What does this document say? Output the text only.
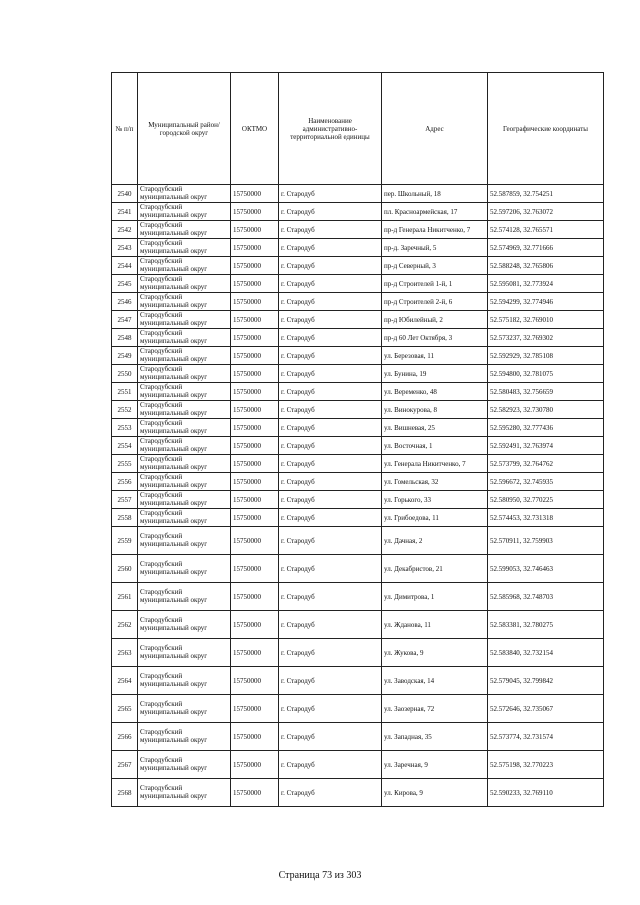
№ п/п	Муниципальный район/городской округ	ОКТМО	Наименование административно-территориальной единицы	Адрес	Географические координаты
2540	Стародубский муниципальный округ	15750000	г. Стародуб	пер. Школьный, 18	52.587859, 32.754251
2541	Стародубский муниципальный округ	15750000	г. Стародуб	пл. Красноармейская, 17	52.597206, 32.763072
2542	Стародубский муниципальный округ	15750000	г. Стародуб	пр-д Генерала Никитченко, 7	52.574128, 32.765571
2543	Стародубский муниципальный округ	15750000	г. Стародуб	пр-д. Заречный, 5	52.574969, 32.771666
2544	Стародубский муниципальный округ	15750000	г. Стародуб	пр-д Северный, 3	52.588248, 32.765806
2545	Стародубский муниципальный округ	15750000	г. Стародуб	пр-д Строителей 1-й, 1	52.595081, 32.773924
2546	Стародубский муниципальный округ	15750000	г. Стародуб	пр-д Строителей 2-й, 6	52.594299, 32.774946
2547	Стародубский муниципальный округ	15750000	г. Стародуб	пр-д Юбилейный, 2	52.575182, 32.769010
2548	Стародубский муниципальный округ	15750000	г. Стародуб	пр-д 60 Лет Октября, 3	52.573237, 32.769302
2549	Стародубский муниципальный округ	15750000	г. Стародуб	ул. Березовая, 11	52.592929, 32.785108
2550	Стародубский муниципальный округ	15750000	г. Стародуб	ул. Бунина, 19	52.594800, 32.781075
2551	Стародубский муниципальный округ	15750000	г. Стародуб	ул. Веременко, 48	52.580483, 32.756659
2552	Стародубский муниципальный округ	15750000	г. Стародуб	ул. Винокурова, 8	52.582923, 32.730780
2553	Стародубский муниципальный округ	15750000	г. Стародуб	ул. Вишневая, 25	52.595280, 32.777436
2554	Стародубский муниципальный округ	15750000	г. Стародуб	ул. Восточная, 1	52.592491, 32.763974
2555	Стародубский муниципальный округ	15750000	г. Стародуб	ул. Генерала Никитченко, 7	52.573799, 32.764762
2556	Стародубский муниципальный округ	15750000	г. Стародуб	ул. Гомельская, 32	52.596672, 32.745935
2557	Стародубский муниципальный округ	15750000	г. Стародуб	ул. Горького, 33	52.580950, 32.770225
2558	Стародубский муниципальный округ	15750000	г. Стародуб	ул. Грибоедова, 11	52.574453, 32.731318
2559	Стародубский муниципальный округ	15750000	г. Стародуб	ул. Дачная, 2	52.570911, 32.759903
2560	Стародубский муниципальный округ	15750000	г. Стародуб	ул. Декабристов, 21	52.599053, 32.746463
2561	Стародубский муниципальный округ	15750000	г. Стародуб	ул. Димитрова, 1	52.585968, 32.748703
2562	Стародубский муниципальный округ	15750000	г. Стародуб	ул. Жданова, 11	52.583381, 32.780275
2563	Стародубский муниципальный округ	15750000	г. Стародуб	ул. Жукова, 9	52.583840, 32.732154
2564	Стародубский муниципальный округ	15750000	г. Стародуб	ул. Заводская, 14	52.579045, 32.799842
2565	Стародубский муниципальный округ	15750000	г. Стародуб	ул. Заозерная, 72	52.572646, 32.735067
2566	Стародубский муниципальный округ	15750000	г. Стародуб	ул. Западная, 35	52.573774, 32.731574
2567	Стародубский муниципальный округ	15750000	г. Стародуб	ул. Заречная, 9	52.575198, 32.770223
2568	Стародубский муниципальный округ	15750000	г. Стародуб	ул. Кирова, 9	52.590233, 32.769110
Страница 73 из 303
